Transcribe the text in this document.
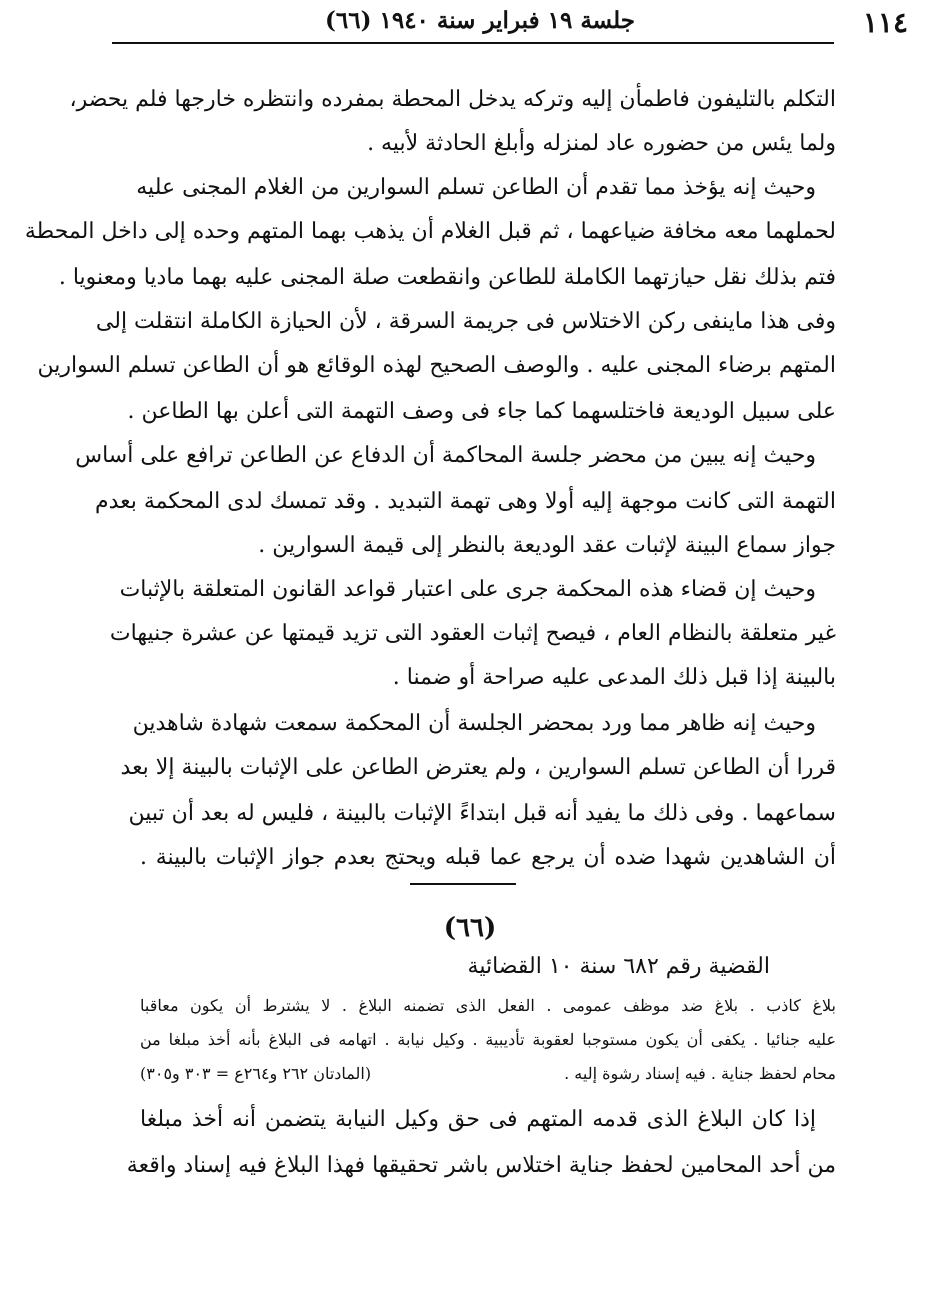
١١٤
جلسة ١٩ فبراير سنة ١٩٤٠ (٦٦)
التكلم بالتليفون فاطمأن إليه وتركه يدخل المحطة بمفرده وانتظره خارجها فلم يحضر،
ولما يئس من حضوره عاد لمنزله وأبلغ الحادثة لأبيه .
وحيث إنه يؤخذ مما تقدم أن الطاعن تسلم السوارين من الغلام المجنى عليه
لحملهما معه مخافة ضياعهما ، ثم قبل الغلام أن يذهب بهما المتهم وحده إلى داخل المحطة
فتم بذلك نقل حيازتهما الكاملة للطاعن وانقطعت صلة المجنى عليه بهما ماديا ومعنويا .
وفى هذا ماينفى ركن الاختلاس فى جريمة السرقة ، لأن الحيازة الكاملة انتقلت إلى
المتهم برضاء المجنى عليه . والوصف الصحيح لهذه الوقائع هو أن الطاعن تسلم السوارين
على سبيل الوديعة فاختلسهما كما جاء فى وصف التهمة التى أعلن بها الطاعن .
وحيث إنه يبين من محضر جلسة المحاكمة أن الدفاع عن الطاعن ترافع على أساس
التهمة التى كانت موجهة إليه أولا وهى تهمة التبديد . وقد تمسك لدى المحكمة بعدم
جواز سماع البينة لإثبات عقد الوديعة بالنظر إلى قيمة السوارين .
وحيث إن قضاء هذه المحكمة جرى على اعتبار قواعد القانون المتعلقة بالإثبات
غير متعلقة بالنظام العام ، فيصح إثبات العقود التى تزيد قيمتها عن عشرة جنيهات
بالبينة إذا قبل ذلك المدعى عليه صراحة أو ضمنا .
وحيث إنه ظاهر مما ورد بمحضر الجلسة أن المحكمة سمعت شهادة شاهدين
قررا أن الطاعن تسلم السوارين ، ولم يعترض الطاعن على الإثبات بالبينة إلا بعد
سماعهما . وفى ذلك ما يفيد أنه قبل ابتداءً الإثبات بالبينة ، فليس له بعد أن تبين
أن الشاهدين شهدا ضده أن يرجع عما قبله ويحتج بعدم جواز الإثبات بالبينة .
(٦٦)
القضية رقم ٦٨٢ سنة ١٠ القضائية
بلاغ كاذب . بلاغ ضد موظف عمومى . الفعل الذى تضمنه البلاغ . لا يشترط أن يكون معاقبا
عليه جنائيا . يكفى أن يكون مستوجبا لعقوبة تأديبية . وكيل نيابة . اتهامه فى البلاغ بأنه أخذ مبلغا من
محام لحفظ جناية . فيه إسناد رشوة إليه .
(المادتان ٢٦٢ و٢٦٤ع = ٣٠٣ و٣٠٥)
إذا كان البلاغ الذى قدمه المتهم فى حق وكيل النيابة يتضمن أنه أخذ مبلغا
من أحد المحامين لحفظ جناية اختلاس باشر تحقيقها فهذا البلاغ فيه إسناد واقعة
